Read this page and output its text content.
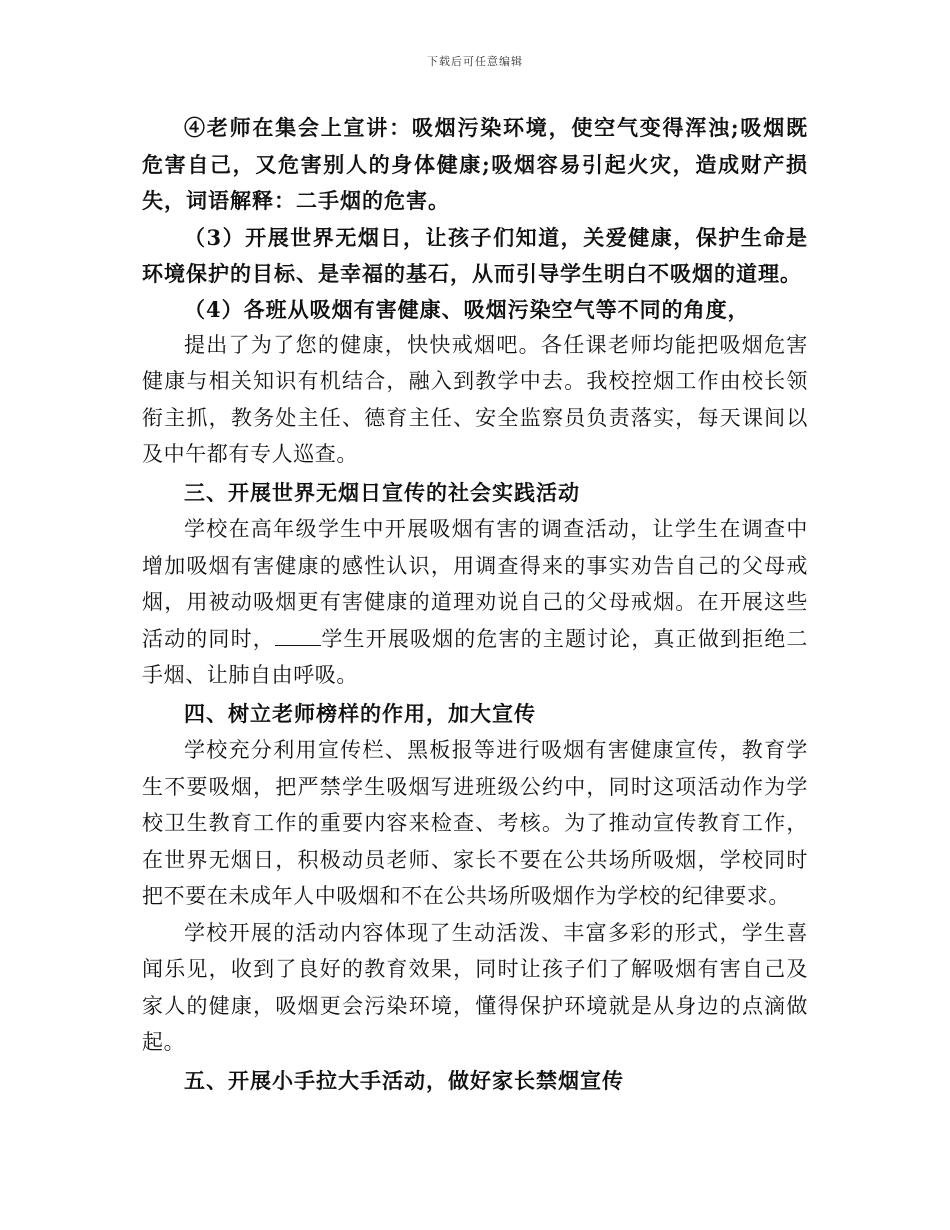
下载后可任意编辑

④老师在集会上宣讲：吸烟污染环境，使空气变得浑浊;吸烟既危害自己，又危害别人的身体健康;吸烟容易引起火灾，造成财产损失，词语解释：二手烟的危害。

（3）开展世界无烟日，让孩子们知道，关爱健康，保护生命是环境保护的目标、是幸福的基石，从而引导学生明白不吸烟的道理。

（4）各班从吸烟有害健康、吸烟污染空气等不同的角度，

提出了为了您的健康，快快戒烟吧。各任课老师均能把吸烟危害健康与相关知识有机结合，融入到教学中去。我校控烟工作由校长领衔主抓，教务处主任、德育主任、安全监察员负责落实，每天课间以及中午都有专人巡查。

三、开展世界无烟日宣传的社会实践活动

学校在高年级学生中开展吸烟有害的调查活动，让学生在调查中增加吸烟有害健康的感性认识，用调查得来的事实劝告自己的父母戒烟，用被动吸烟更有害健康的道理劝说自己的父母戒烟。在开展这些活动的同时， 学生开展吸烟的危害的主题讨论，真正做到拒绝二手烟、让肺自由呼吸。

四、树立老师榜样的作用，加大宣传

学校充分利用宣传栏、黑板报等进行吸烟有害健康宣传，教育学生不要吸烟，把严禁学生吸烟写进班级公约中，同时这项活动作为学校卫生教育工作的重要内容来检查、考核。为了推动宣传教育工作，在世界无烟日，积极动员老师、家长不要在公共场所吸烟，学校同时把不要在未成年人中吸烟和不在公共场所吸烟作为学校的纪律要求。

学校开展的活动内容体现了生动活泼、丰富多彩的形式，学生喜闻乐见，收到了良好的教育效果，同时让孩子们了解吸烟有害自己及家人的健康，吸烟更会污染环境，懂得保护环境就是从身边的点滴做起。

五、开展小手拉大手活动，做好家长禁烟宣传
